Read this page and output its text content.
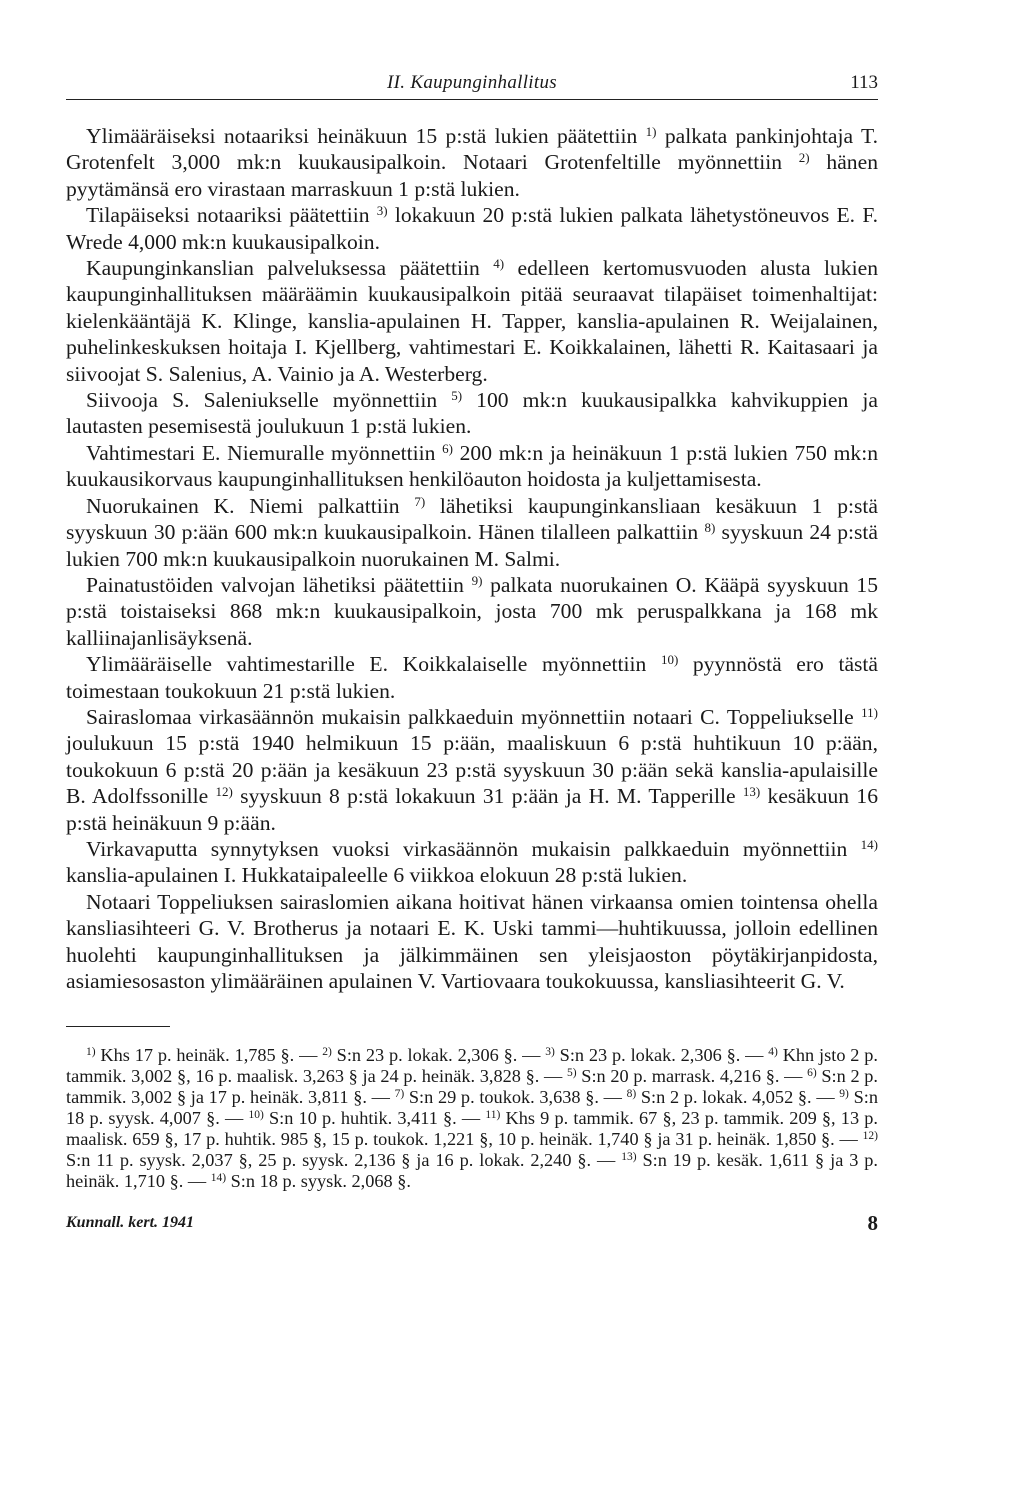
II. Kaupunginhallitus	113

Ylimääräiseksi notaariksi heinäkuun 15 p:stä lukien päätettiin $^{1)}$ palkata pankinjohtaja T. Grotenfelt 3,000 mk:n kuukausipalkoin. Notaari Grotenfeltille myönnettiin $^{2)}$ hänen pyytämänsä ero virastaan marraskuun 1 p:stä lukien.

Tilapäiseksi notaariksi päätettiin $^{3)}$ lokakuun 20 p:stä lukien palkata lähetystöneuvos E. F. Wrede 4,000 mk:n kuukausipalkoin.

Kaupunginkanslian palveluksessa päätettiin $^{4)}$ edelleen kertomusvuoden alusta lukien kaupunginhallituksen määräämin kuukausipalkoin pitää seuraavat tilapäiset toimenhaltijat: kielenkääntäjä K. Klinge, kanslia-apulainen H. Tapper, kanslia-apulainen R. Weijalainen, puhelinkeskuksen hoitaja I. Kjellberg, vahtimestari E. Koikkalainen, lähetti R. Kaitasaari ja siivoojat S. Salenius, A. Vainio ja A. Westerberg.

Siivooja S. Saleniukselle myönnettiin $^{5)}$ 100 mk:n kuukausipalkka kahvikuppien ja lautasten pesemisestä joulukuun 1 p:stä lukien.

Vahtimestari E. Niemuralle myönnettiin $^{6)}$ 200 mk:n ja heinäkuun 1 p:stä lukien 750 mk:n kuukausikorvaus kaupunginhallituksen henkilöauton hoidosta ja kuljettamisesta.

Nuorukainen K. Niemi palkattiin $^{7)}$ lähetiksi kaupunginkansliaan kesäkuun 1 p:stä syyskuun 30 p:ään 600 mk:n kuukausipalkoin. Hänen tilalleen palkattiin $^{8)}$ syyskuun 24 p:stä lukien 700 mk:n kuukausipalkoin nuorukainen M. Salmi.

Painatustöiden valvojan lähetiksi päätettiin $^{9)}$ palkata nuorukainen O. Kääpä syyskuun 15 p:stä toistaiseksi 868 mk:n kuukausipalkoin, josta 700 mk peruspalkkana ja 168 mk kalliinajanlisäyksenä.

Ylimääräiselle vahtimestarille E. Koikkalaiselle myönnettiin $^{10)}$ pyynnöstä ero tästä toimestaan toukokuun 21 p:stä lukien.

Sairaslomaa virkasäännön mukaisin palkkaeduin myönnettiin notaari C. Toppeliukselle $^{11)}$ joulukuun 15 p:stä 1940 helmikuun 15 p:ään, maaliskuun 6 p:stä huhtikuun 10 p:ään, toukokuun 6 p:stä 20 p:ään ja kesäkuun 23 p:stä syyskuun 30 p:ään sekä kanslia-apulaisille B. Adolfssonille $^{12)}$ syyskuun 8 p:stä lokakuun 31 p:ään ja H. M. Tapperille $^{13)}$ kesäkuun 16 p:stä heinäkuun 9 p:ään.

Virkavaputta synnytyksen vuoksi virkasäännön mukaisin palkkaeduin myönnettiin $^{14)}$ kanslia-apulainen I. Hukkataipaleelle 6 viikkoa elokuun 28 p:stä lukien.

Notaari Toppeliuksen sairaslomien aikana hoitivat hänen virkaansa omien tointensa ohella kansliasihteeri G. V. Brotherus ja notaari E. K. Uski tammi—huhtikuussa, jolloin edellinen huolehti kaupunginhallituksen ja jälkimmäinen sen yleisjaoston pöytäkirjanpidosta, asiamiesosaston ylimääräinen apulainen V. Vartiovaara toukokuussa, kansliasihteerit G. V.

$^{1)}$ Khs 17 p. heinäk. 1,785 §. — $^{2)}$ S:n 23 p. lokak. 2,306 §. — $^{3)}$ S:n 23 p. lokak. 2,306 §. — $^{4)}$ Khn jsto 2 p. tammik. 3,002 §, 16 p. maalisk. 3,263 § ja 24 p. heinäk. 3,828 §. — $^{5)}$ S:n 20 p. marrask. 4,216 §. — $^{6)}$ S:n 2 p. tammik. 3,002 § ja 17 p. heinäk. 3,811 §. — $^{7)}$ S:n 29 p. toukok. 3,638 §. — $^{8)}$ S:n 2 p. lokak. 4,052 §. — $^{9)}$ S:n 18 p. syysk. 4,007 §. — $^{10)}$ S:n 10 p. huhtik. 3,411 §. — $^{11)}$ Khs 9 p. tammik. 67 §, 23 p. tammik. 209 §, 13 p. maalisk. 659 §, 17 p. huhtik. 985 §, 15 p. toukok. 1,221 §, 10 p. heinäk. 1,740 § ja 31 p. heinäk. 1,850 §. — $^{12)}$ S:n 11 p. syysk. 2,037 §, 25 p. syysk. 2,136 § ja 16 p. lokak. 2,240 §. — $^{13)}$ S:n 19 p. kesäk. 1,611 § ja 3 p. heinäk. 1,710 §. — $^{14)}$ S:n 18 p. syysk. 2,068 §.
Kunnall. kert. 1941	8
